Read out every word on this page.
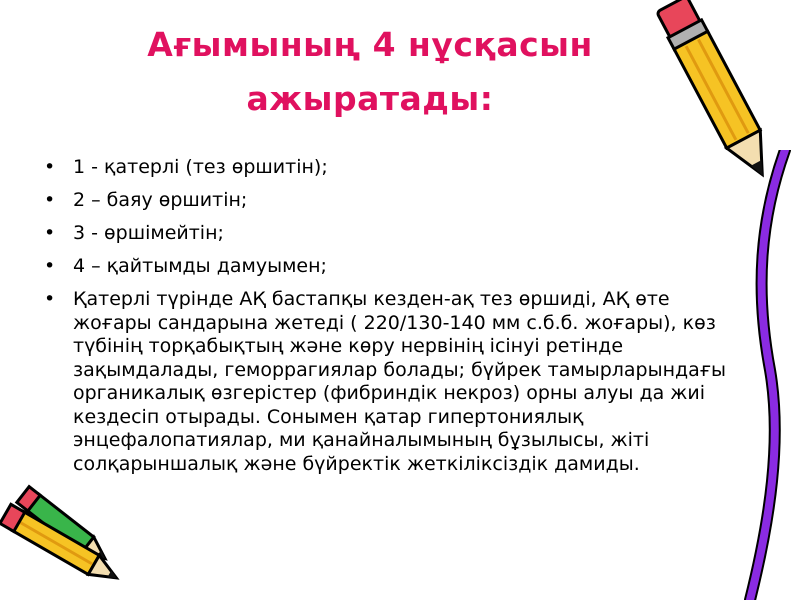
Ағымының 4 нұсқасын ажыратады:
• 1 - қатерлі (тез өршитін);
• 2 – баяу өршитін;
• 3 - өршімейтін;
• 4 – қайтымды дамуымен;
• Қатерлі түрінде АҚ бастапқы кезден-ақ тез өршиді, АҚ өте жоғары сандарына жетеді ( 220/130-140 мм с.б.б. жоғары), көз түбінің торқабықтың және көру нервінің ісінуі ретінде зақымдалады, геморрагиялар болады; бүйрек тамырларындағы органикалық өзгерістер (фибриндік некроз) орны алуы да жиі кездесіп отырады. Сонымен қатар гипертониялық энцефалопатиялар, ми қанайналымының бұзылысы, жіті солқарыншалық және бүйректік жеткіліксіздік дамиды.
